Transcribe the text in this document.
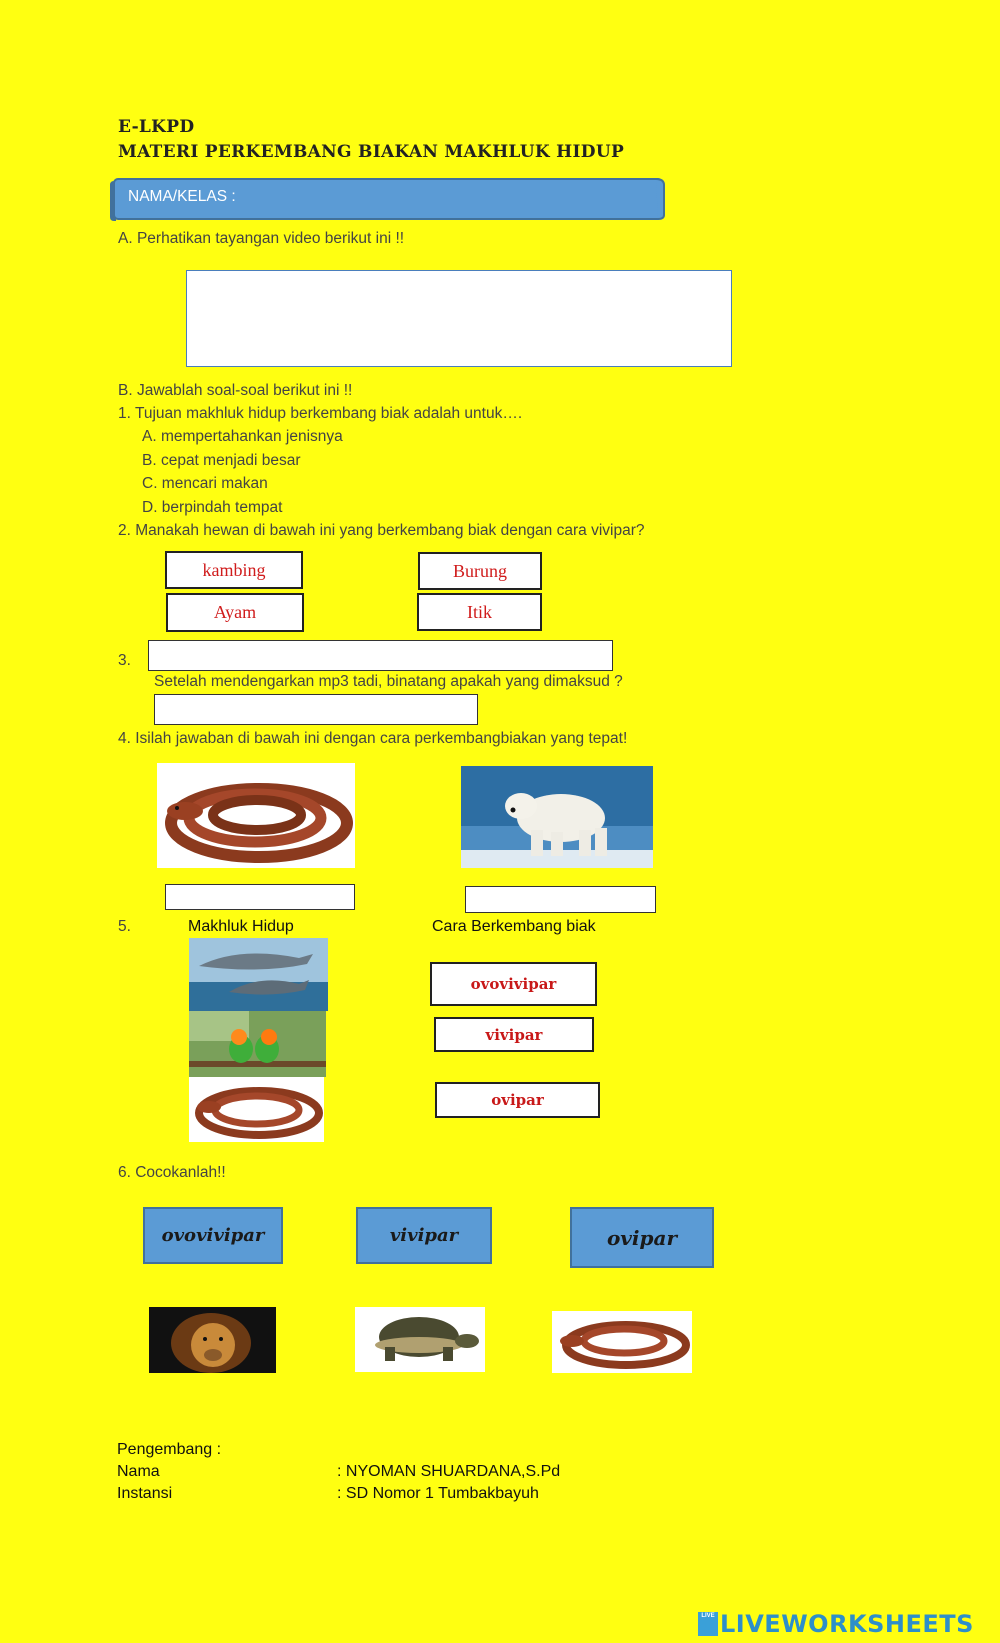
E-LKPD
MATERI PERKEMBANG BIAKAN MAKHLUK HIDUP
NAMA/KELAS :
A. Perhatikan tayangan video berikut ini !!
B. Jawablah soal-soal berikut ini !!
1. Tujuan makhluk hidup berkembang biak adalah untuk….
A. mempertahankan jenisnya
B. cepat menjadi besar
C. mencari makan
D. berpindah tempat
2. Manakah hewan di bawah ini yang berkembang biak dengan cara vivipar?
kambing	Burung
Ayam	Itik
3.
Setelah mendengarkan mp3 tadi, binatang apakah yang dimaksud ?
4. Isilah jawaban di bawah ini dengan cara perkembangbiakan yang tepat!
5.	Makhluk Hidup	Cara Berkembang biak
ovovivipar
vivipar
ovipar
6. Cocokanlah!!
ovovivipar	vivipar	ovipar
Pengembang :
Nama	: NYOMAN SHUARDANA,S.Pd
Instansi	: SD Nomor 1 Tumbakbayuh
LIVE LIVEWORKSHEETS
